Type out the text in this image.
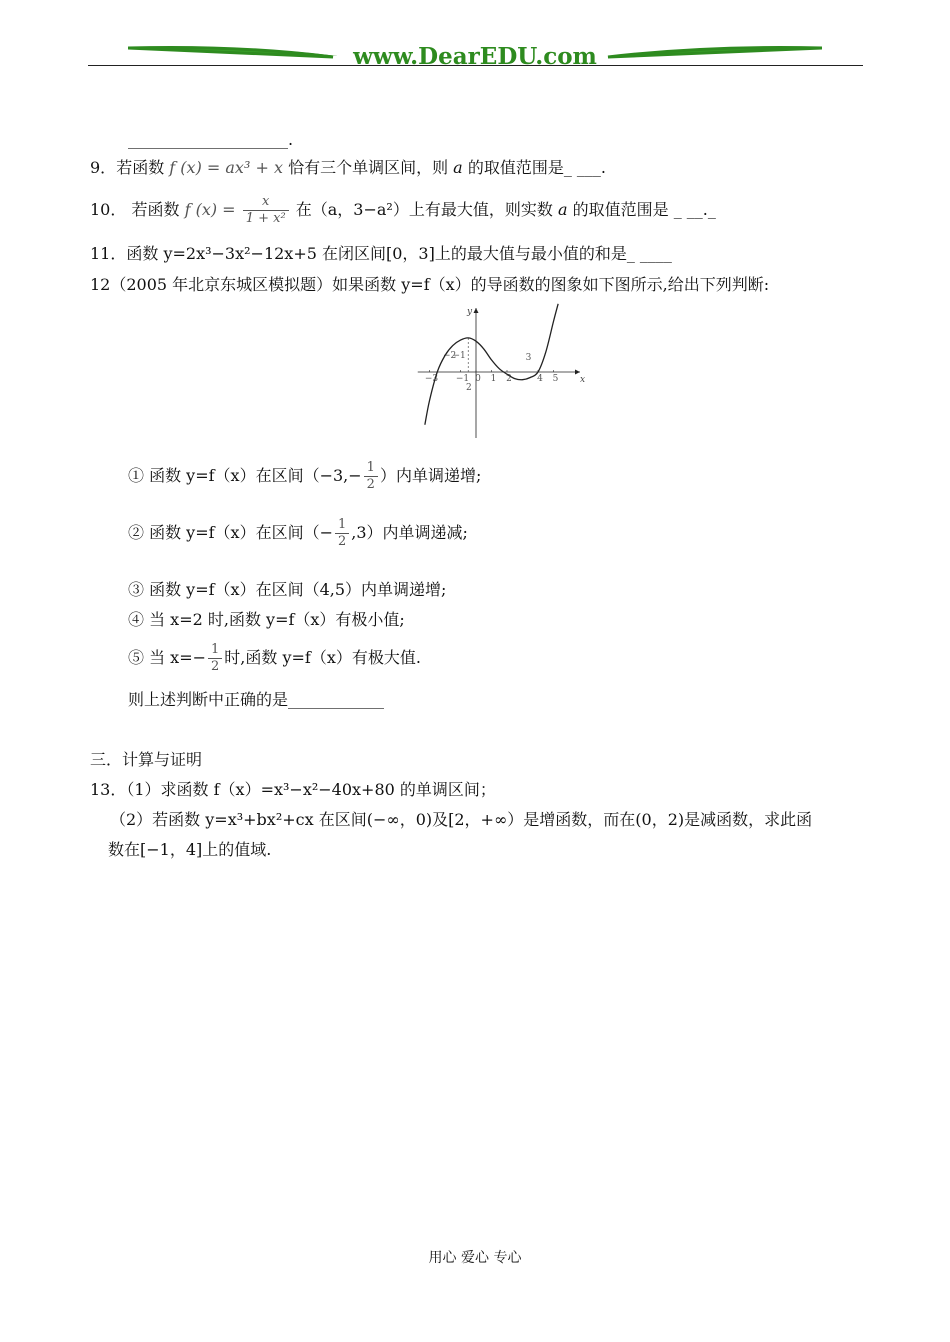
www.DearEDU.com
____________________.
9．若函数 f (x) = ax³ + x 恰有三个单调区间，则 a 的取值范围是_ ___.
10． 若函数 f $(x) = \frac{x}{\text{1 + x²}}$ 在（a，3−a²）上有最大值，则实数 a 的取值范围是 _ __._
11．函数 y=2x³−3x²−12x+5 在闭区间[0，3]上的最大值与最小值的和是_ ____
12（2005 年北京东城区模拟题）如果函数 y=f（x）的导函数的图象如下图所示,给出下列判断:
x
y
−3 −1 0 1 2	4 5
−2
−1	3
2
① 函数 y=f（x）在区间（$-3,- \frac{1}{2}$ ）内单调递增;
② 函数 y=f（x）在区间（− $\frac{1}{2} ,3$）内单调递减;
③ 函数 y=f（x）在区间（4,5）内单调递增;
④ 当 x=2 时,函数 y=f（x）有极小值;
⑤ 当 $x=- \frac{1}{2}$ 时,函数 y=f（x）有极大值.
则上述判断中正确的是____________
三．计算与证明
13．（1）求函数 f（x）=x³−x²−40x+80 的单调区间；
（2）若函数 y=x³+bx²+cx 在区间(−∞，0)及[2，+∞）是增函数，而在(0，2)是减函数，求此函
数在[−1，4]上的值域.
用心 爱心 专心
